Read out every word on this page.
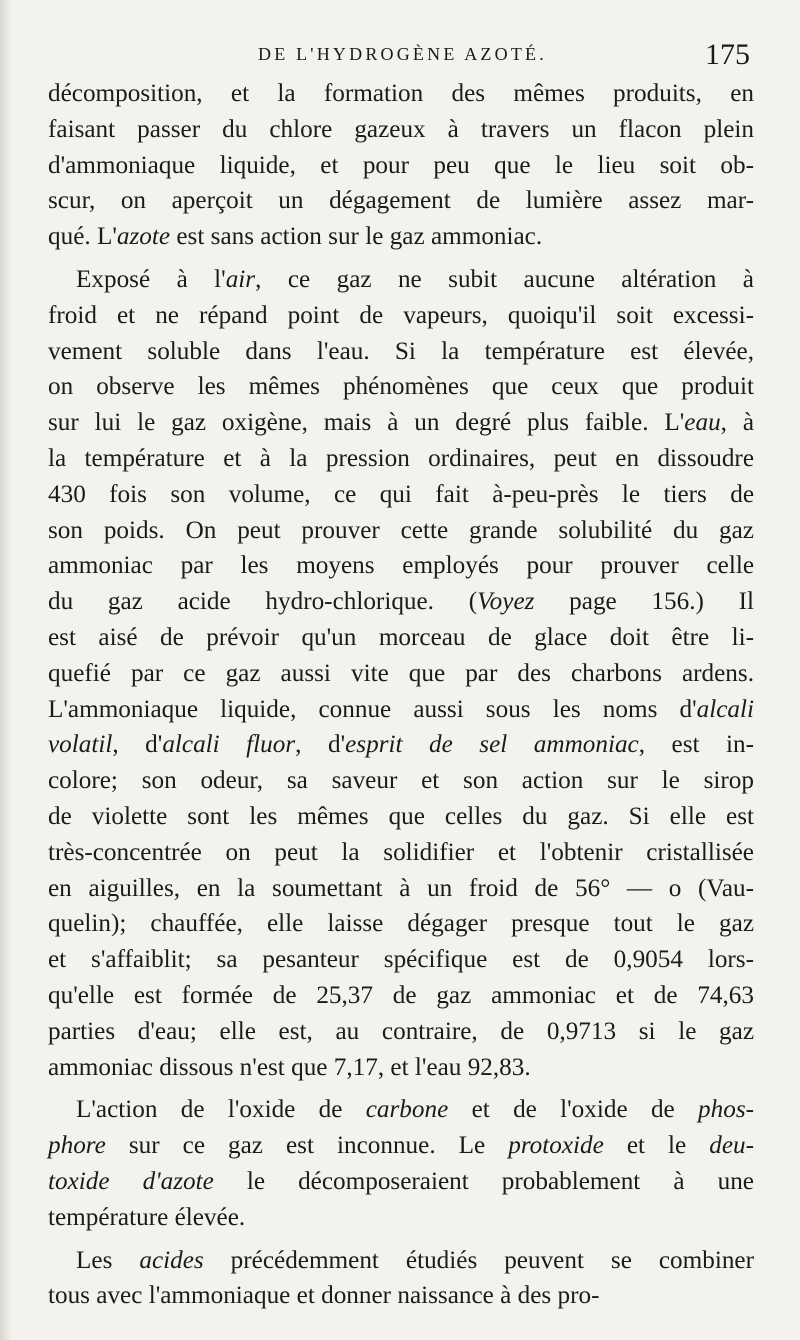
DE L'HYDROGÈNE AZOTÉ.	175
décomposition, et la formation des mêmes produits, en
faisant passer du chlore gazeux à travers un flacon plein
d'ammoniaque liquide, et pour peu que le lieu soit ob-
scur, on aperçoit un dégagement de lumière assez mar-
qué. L'azote est sans action sur le gaz ammoniac.
Exposé à l'air, ce gaz ne subit aucune altération à
froid et ne répand point de vapeurs, quoiqu'il soit excessi-
vement soluble dans l'eau. Si la température est élevée,
on observe les mêmes phénomènes que ceux que produit
sur lui le gaz oxigène, mais à un degré plus faible. L'eau, à
la température et à la pression ordinaires, peut en dissoudre
430 fois son volume, ce qui fait à-peu-près le tiers de
son poids. On peut prouver cette grande solubilité du gaz
ammoniac par les moyens employés pour prouver celle
du gaz acide hydro-chlorique. (Voyez page 156.) Il
est aisé de prévoir qu'un morceau de glace doit être li-
quefié par ce gaz aussi vite que par des charbons ardens.
L'ammoniaque liquide, connue aussi sous les noms d'alcali
volatil, d'alcali fluor, d'esprit de sel ammoniac, est in-
colore; son odeur, sa saveur et son action sur le sirop
de violette sont les mêmes que celles du gaz. Si elle est
très-concentrée on peut la solidifier et l'obtenir cristallisée
en aiguilles, en la soumettant à un froid de 56° — o (Vau-
quelin); chauffée, elle laisse dégager presque tout le gaz
et s'affaiblit; sa pesanteur spécifique est de 0,9054 lors-
qu'elle est formée de 25,37 de gaz ammoniac et de 74,63
parties d'eau; elle est, au contraire, de 0,9713 si le gaz
ammoniac dissous n'est que 7,17, et l'eau 92,83.
L'action de l'oxide de carbone et de l'oxide de phos-
phore sur ce gaz est inconnue. Le protoxide et le deu-
toxide d'azote le décomposeraient probablement à une
température élevée.
Les acides précédemment étudiés peuvent se combiner
tous avec l'ammoniaque et donner naissance à des pro-
